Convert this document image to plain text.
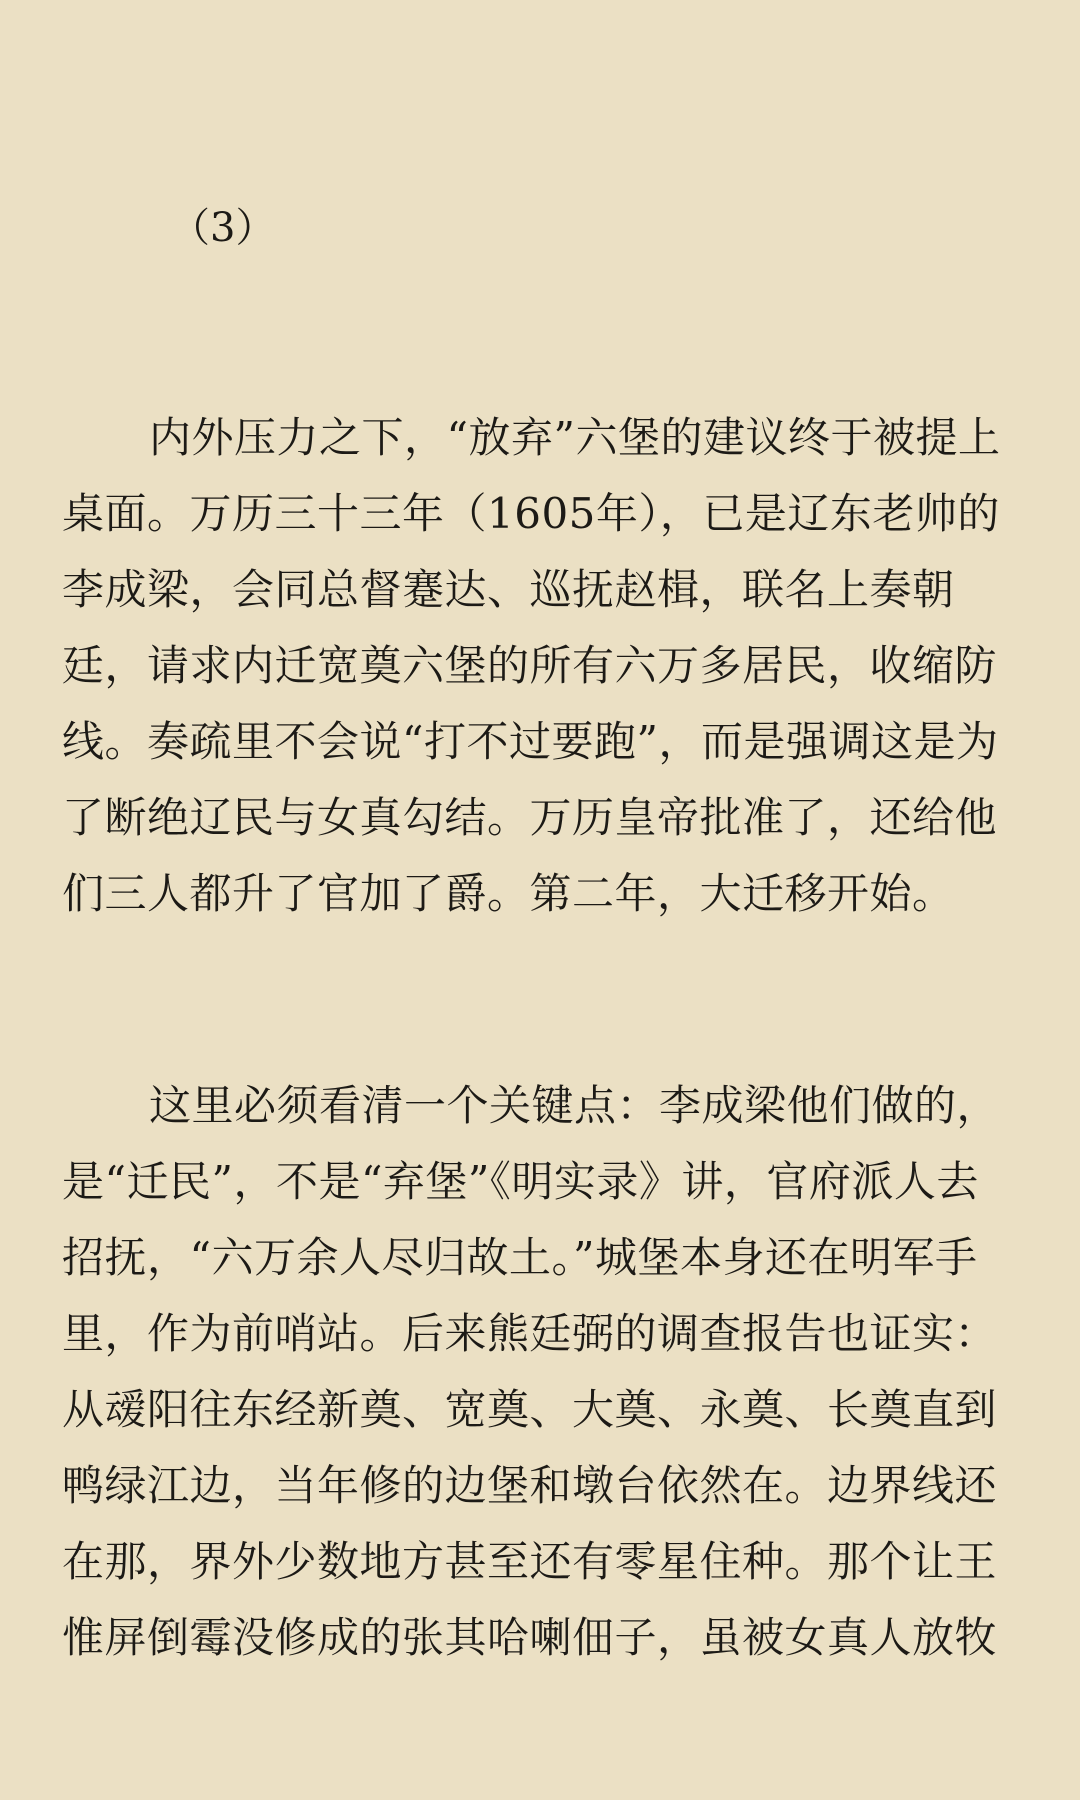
（3）

内外压力之下，“放弃”六堡的建议终于被提上
桌面。万历三十三年（1605年），已是辽东老帅的
李成梁，会同总督蹇达、巡抚赵楫，联名上奏朝
廷，请求内迁宽奠六堡的所有六万多居民，收缩防
线。奏疏里不会说“打不过要跑”，而是强调这是为
了断绝辽民与女真勾结。万历皇帝批准了，还给他
们三人都升了官加了爵。第二年，大迁移开始。

这里必须看清一个关键点：李成梁他们做的，
是“迁民”，不是“弃堡”《明实录》讲，官府派人去
招抚，“六万余人尽归故土。”城堡本身还在明军手
里，作为前哨站。后来熊廷弼的调查报告也证实：
从叆阳往东经新奠、宽奠、大奠、永奠、长奠直到
鸭绿江边，当年修的边堡和墩台依然在。边界线还
在那，界外少数地方甚至还有零星住种。那个让王
惟屏倒霉没修成的张其哈喇佃子，虽被女真人放牧
